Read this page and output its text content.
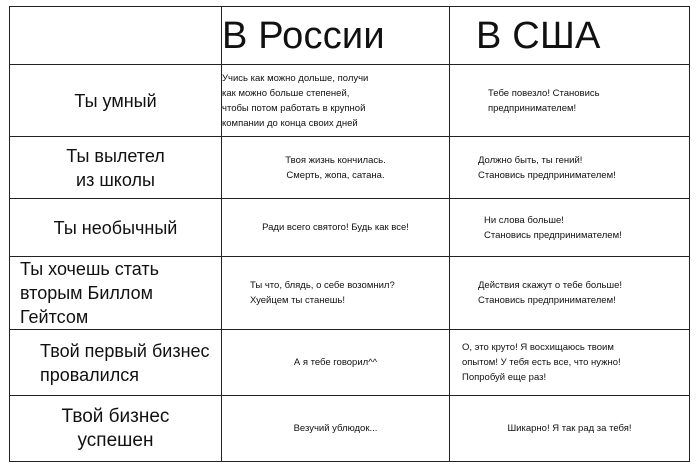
	В России	В США

Ты умный	Учись как можно дольше, получи
как можно больше степеней,
чтобы потом работать в крупной
компании до конца своих дней	Тебе повезло! Становись
предпринимателем!

Ты вылетел
из школы	Твоя жизнь кончилась.
Смерть, жопа, сатана.	Должно быть, ты гений!
Становись предпринимателем!

Ты необычный	Ради всего святого! Будь как все!	Ни слова больше!
Становись предпринимателем!

Ты хочешь стать
вторым Биллом Гейтсом	Ты что, блядь, о себе возомнил?
Хуейцем ты станешь!	Действия скажут о тебе больше!
Становись предпринимателем!

Твой первый бизнес
провалился	А я тебе говорил^^	О, это круто! Я восхищаюсь твоим
опытом! У тебя есть все, что нужно!
Попробуй еще раз!

Твой бизнес
успешен	Везучий ублюдок...	Шикарно! Я так рад за тебя!
